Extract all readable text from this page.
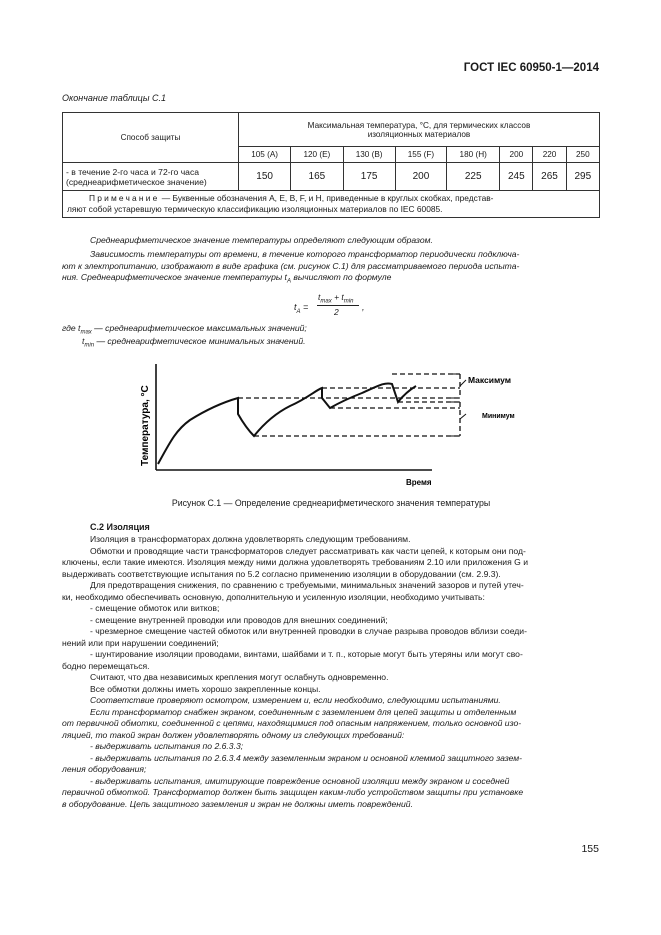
ГОСТ IEC 60950-1—2014
Окончание таблицы С.1
Способ защиты	Максимальная температура, °С, для термических классов
изоляционных материалов							

	105 (А)	120 (Е)	130 (В)	155 (F)	180 (Н)	200	220	250

- в течение 2-го часа и 72-го часа
(среднеарифметическое значение)	150	165	175	200	225	245	265	295

Примечание — Буквенные обозначения А, Е, В, F, и Н, приведенные в круглых скобках, представ-
ляют собой устаревшую термическую классификацию изоляционных материалов по IEC 60085.								

Среднеарифметическое значение температуры определяют следующим образом.

Зависимость температуры от времени, в течение которого трансформатор периодически подключа-
ют к электропитанию, изображают в виде графика (см. рисунок С.1) для рассматриваемого периода испыта-
ния. Среднеарифметическое значение температуры $t_A$ вычисляют по формуле

$t_A$ =
$t_{max} + t_{min}$
2	,

где $t_{max}$ — среднеарифметическое максимальных значений;

$t_{min}$ — среднеарифметическое минимальных значений.

Максимум
Минимум
Время
Температура, °С
Рисунок С.1 — Определение среднеарифметического значения температуры
С.2 Изоляция
Изоляция в трансформаторах должна удовлетворять следующим требованиям.
Обмотки и проводящие части трансформаторов следует рассматривать как части цепей, к которым они под-
ключены, если такие имеются. Изоляция между ними должна удовлетворять требованиям 2.10 или приложения G и
выдерживать соответствующие испытания по 5.2 согласно применению изоляции в оборудовании (см. 2.9.3).
Для предотвращения снижения, по сравнению с требуемыми, минимальных значений зазоров и путей утеч-
ки, необходимо обеспечивать основную, дополнительную и усиленную изоляции, необходимо учитывать:
- смещение обмоток или витков;
- смещение внутренней проводки или проводов для внешних соединений;
- чрезмерное смещение частей обмоток или внутренней проводки в случае разрыва проводов вблизи соеди-
нений или при нарушении соединений;
- шунтирование изоляции проводами, винтами, шайбами и т. п., которые могут быть утеряны или могут сво-
бодно перемещаться.
Считают, что два независимых крепления могут ослабнуть одновременно.
Все обмотки должны иметь хорошо закрепленные концы.
Соответствие проверяют осмотром, измерением и, если необходимо, следующими испытаниями.
Если трансформатор снабжен экраном, соединенным с заземлением для цепей защиты и отделенным
от первичной обмотки, соединенной с цепями, находящимися под опасным напряжением, только основной изо-
ляцией, то такой экран должен удовлетворять одному из следующих требований:
- выдерживать испытания по 2.6.3.3;
- выдерживать испытания по 2.6.3.4 между заземленным экраном и основной клеммой защитного зазем-
ления оборудования;
- выдерживать испытания, имитирующие повреждение основной изоляции между экраном и соседней
первичной обмоткой. Трансформатор должен быть защищен каким-либо устройством защиты при установке
в оборудование. Цепь защитного заземления и экран не должны иметь повреждений.
155
